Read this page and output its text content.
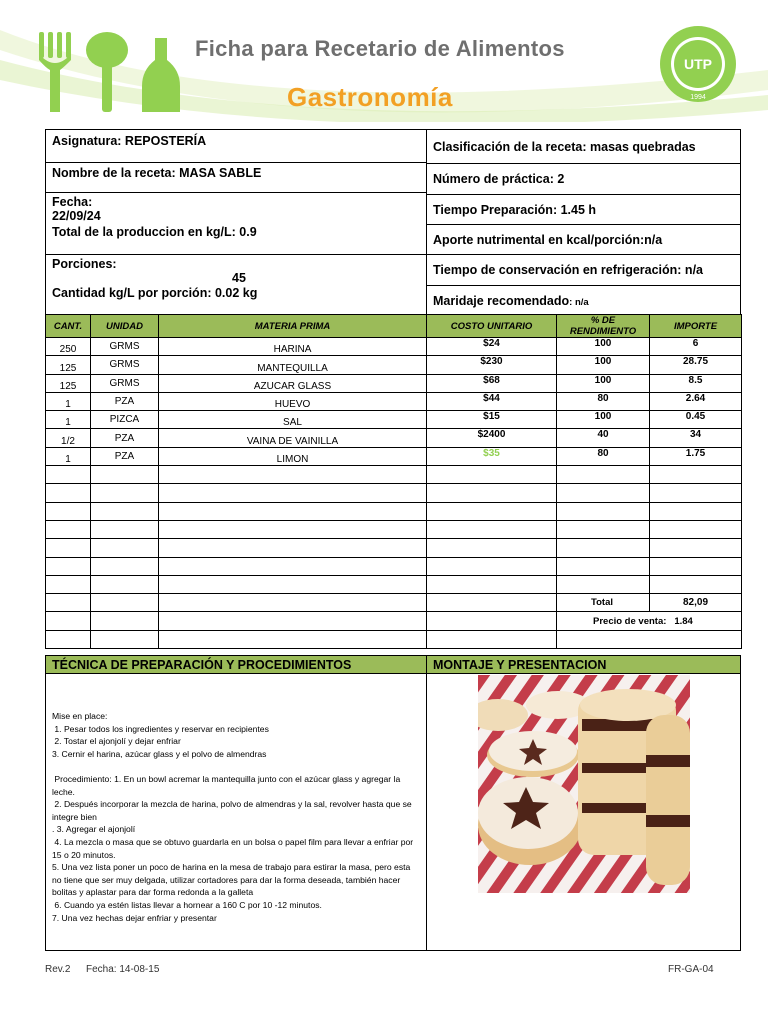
Ficha para Recetario de Alimentos
Gastronomía
UTP
1994
Asignatura: REPOSTERÍA
Nombre de la receta: MASA SABLE
Fecha:
22/09/24
Total de la produccion en kg/L: 0.9
Porciones:
45
Cantidad kg/L por porción: 0.02 kg
Clasificación de la receta: masas quebradas
Número de práctica: 2
Tiempo Preparación: 1.45 h
Aporte nutrimental en kcal/porción:n/a
Tiempo de conservación en refrigeración: n/a
Maridaje recomendado: n/a
CANT.	UNIDAD	MATERIA PRIMA	COSTO UNITARIO	% DE RENDIMIENTO	IMPORTE
250	GRMS	HARINA	$24	100	6
125	GRMS	MANTEQUILLA	$230	100	28.75
125	GRMS	AZUCAR GLASS	$68	100	8.5
1	PZA	HUEVO	$44	80	2.64
1	PIZCA	SAL	$15	100	0.45
1/2	PZA	VAINA DE VAINILLA	$2400	40	34
1	PZA	LIMON	$35	80	1.75

				Total	82,09
				Precio de venta: 1.84	

TÉCNICA DE PREPARACIÓN Y PROCEDIMIENTOS	MONTAJE Y PRESENTACION
Mise en place:
1. Pesar todos los ingredientes y reservar en recipientes
2. Tostar el ajonjolí y dejar enfriar
3. Cernir el harina, azúcar glass y el polvo de almendras

Procedimiento: 1. En un bowl acremar la mantequilla junto con el azúcar glass y agregar la leche.
2. Después incorporar la mezcla de harina, polvo de almendras y la sal, revolver hasta que se integre bien
. 3. Agregar el ajonjolí
4. La mezcla o masa que se obtuvo guardarla en un bolsa o papel film para llevar a enfriar por 15 o 20 minutos.
5. Una vez lista poner un poco de harina en la mesa de trabajo para estirar la masa, pero esta no tiene que ser muy delgada, utilizar cortadores para dar la forma deseada, también hacer bolitas y aplastar para dar forma redonda a la galleta
6. Cuando ya estén listas llevar a hornear a 160 C por 10 -12 minutos.
7. Una vez hechas dejar enfriar y presentar
Rev.2 Fecha: 14-08-15	FR-GA-04
